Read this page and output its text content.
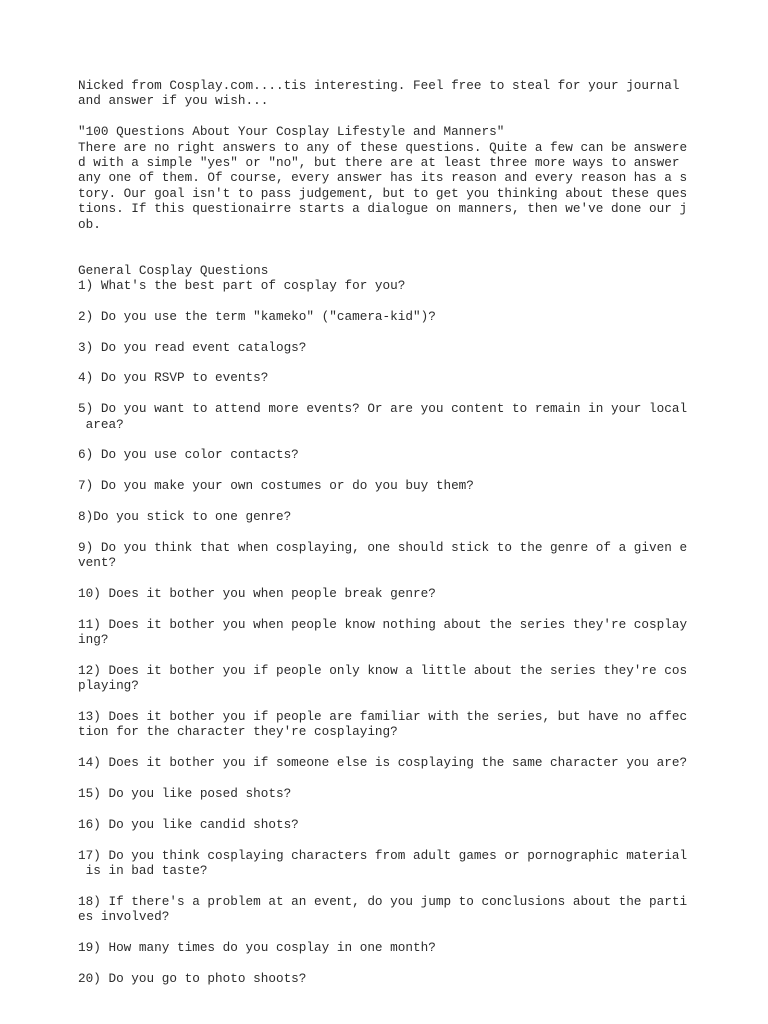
Nicked from Cosplay.com....tis interesting. Feel free to steal for your journal
and answer if you wish...
"100 Questions About Your Cosplay Lifestyle and Manners"
There are no right answers to any of these questions. Quite a few can be answere
d with a simple "yes" or "no", but there are at least three more ways to answer
any one of them. Of course, every answer has its reason and every reason has a s
tory. Our goal isn't to pass judgement, but to get you thinking about these ques
tions. If this questionairre starts a dialogue on manners, then we've done our j
ob.
General Cosplay Questions
1) What's the best part of cosplay for you?
2) Do you use the term "kameko" ("camera-kid")?
3) Do you read event catalogs?
4) Do you RSVP to events?
5) Do you want to attend more events? Or are you content to remain in your local
area?
6) Do you use color contacts?
7) Do you make your own costumes or do you buy them?
8)Do you stick to one genre?
9) Do you think that when cosplaying, one should stick to the genre of a given e
vent?
10) Does it bother you when people break genre?
11) Does it bother you when people know nothing about the series they're cosplay
ing?
12) Does it bother you if people only know a little about the series they're cos
playing?
13) Does it bother you if people are familiar with the series, but have no affec
tion for the character they're cosplaying?
14) Does it bother you if someone else is cosplaying the same character you are?
15) Do you like posed shots?
16) Do you like candid shots?
17) Do you think cosplaying characters from adult games or pornographic material
is in bad taste?
18) If there's a problem at an event, do you jump to conclusions about the parti
es involved?
19) How many times do you cosplay in one month?
20) Do you go to photo shoots?
